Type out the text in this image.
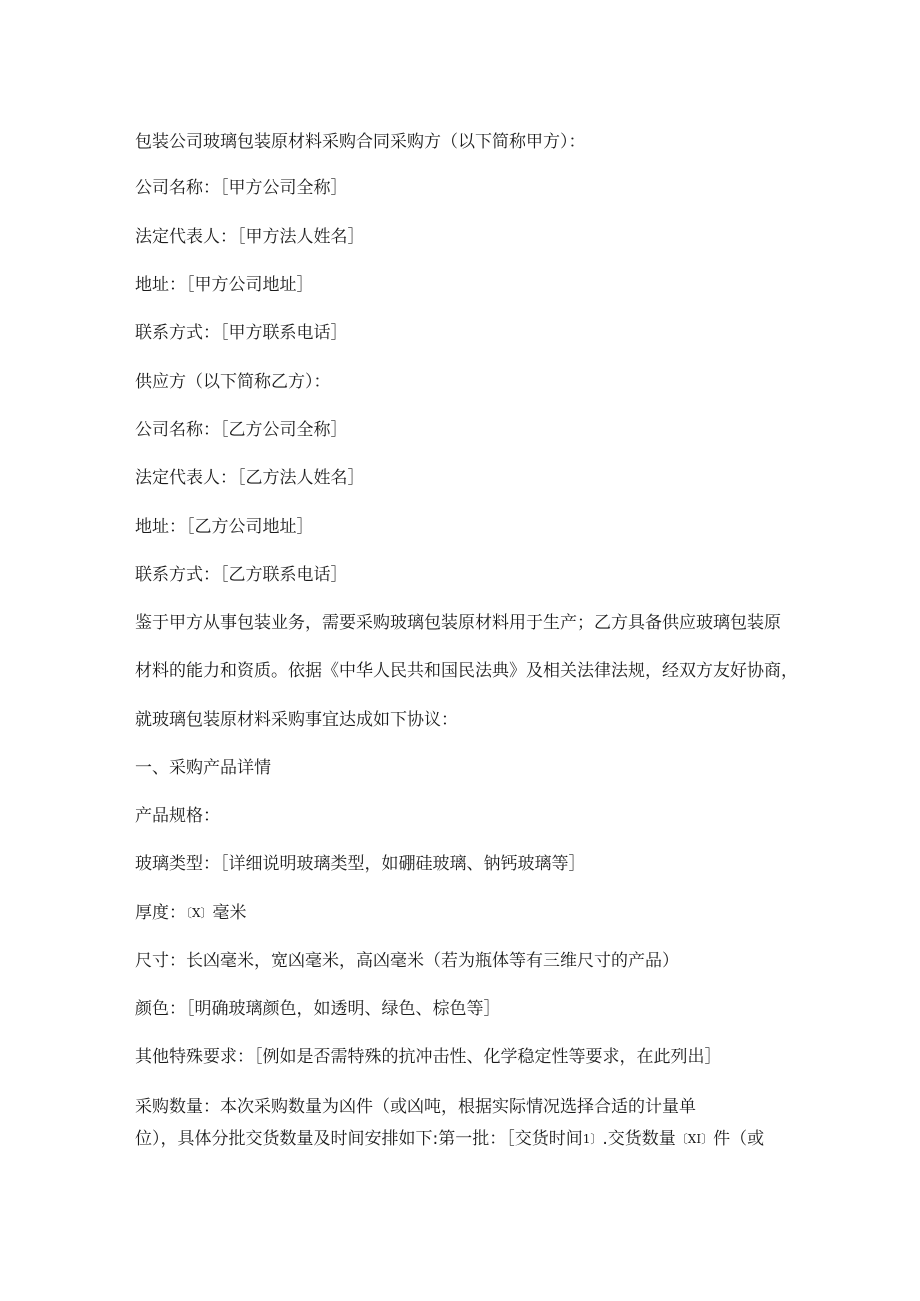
包装公司玻璃包装原材料采购合同采购方（以下简称甲方）：
公司名称：［甲方公司全称］
法定代表人：［甲方法人姓名］
地址：［甲方公司地址］
联系方式：［甲方联系电话］
供应方（以下简称乙方）：
公司名称：［乙方公司全称］
法定代表人：［乙方法人姓名］
地址：［乙方公司地址］
联系方式：［乙方联系电话］
鉴于甲方从事包装业务，需要采购玻璃包装原材料用于生产；乙方具备供应玻璃包装原
材料的能力和资质。依据《中华人民共和国民法典》及相关法律法规，经双方友好协商，
就玻璃包装原材料采购事宜达成如下协议：
一、采购产品详情
产品规格：
玻璃类型：［详细说明玻璃类型，如硼硅玻璃、钠钙玻璃等］
厚度：〔X〕毫米
尺寸：长凶毫米，宽凶毫米，高凶毫米（若为瓶体等有三维尺寸的产品）
颜色：［明确玻璃颜色，如透明、绿色、棕色等］
其他特殊要求：［例如是否需特殊的抗冲击性、化学稳定性等要求，在此列出］
采购数量：本次采购数量为凶件（或凶吨，根据实际情况选择合适的计量单
位），具体分批交货数量及时间安排如下:第一批：［交货时间1〕.交货数量〔XI〕件（或
